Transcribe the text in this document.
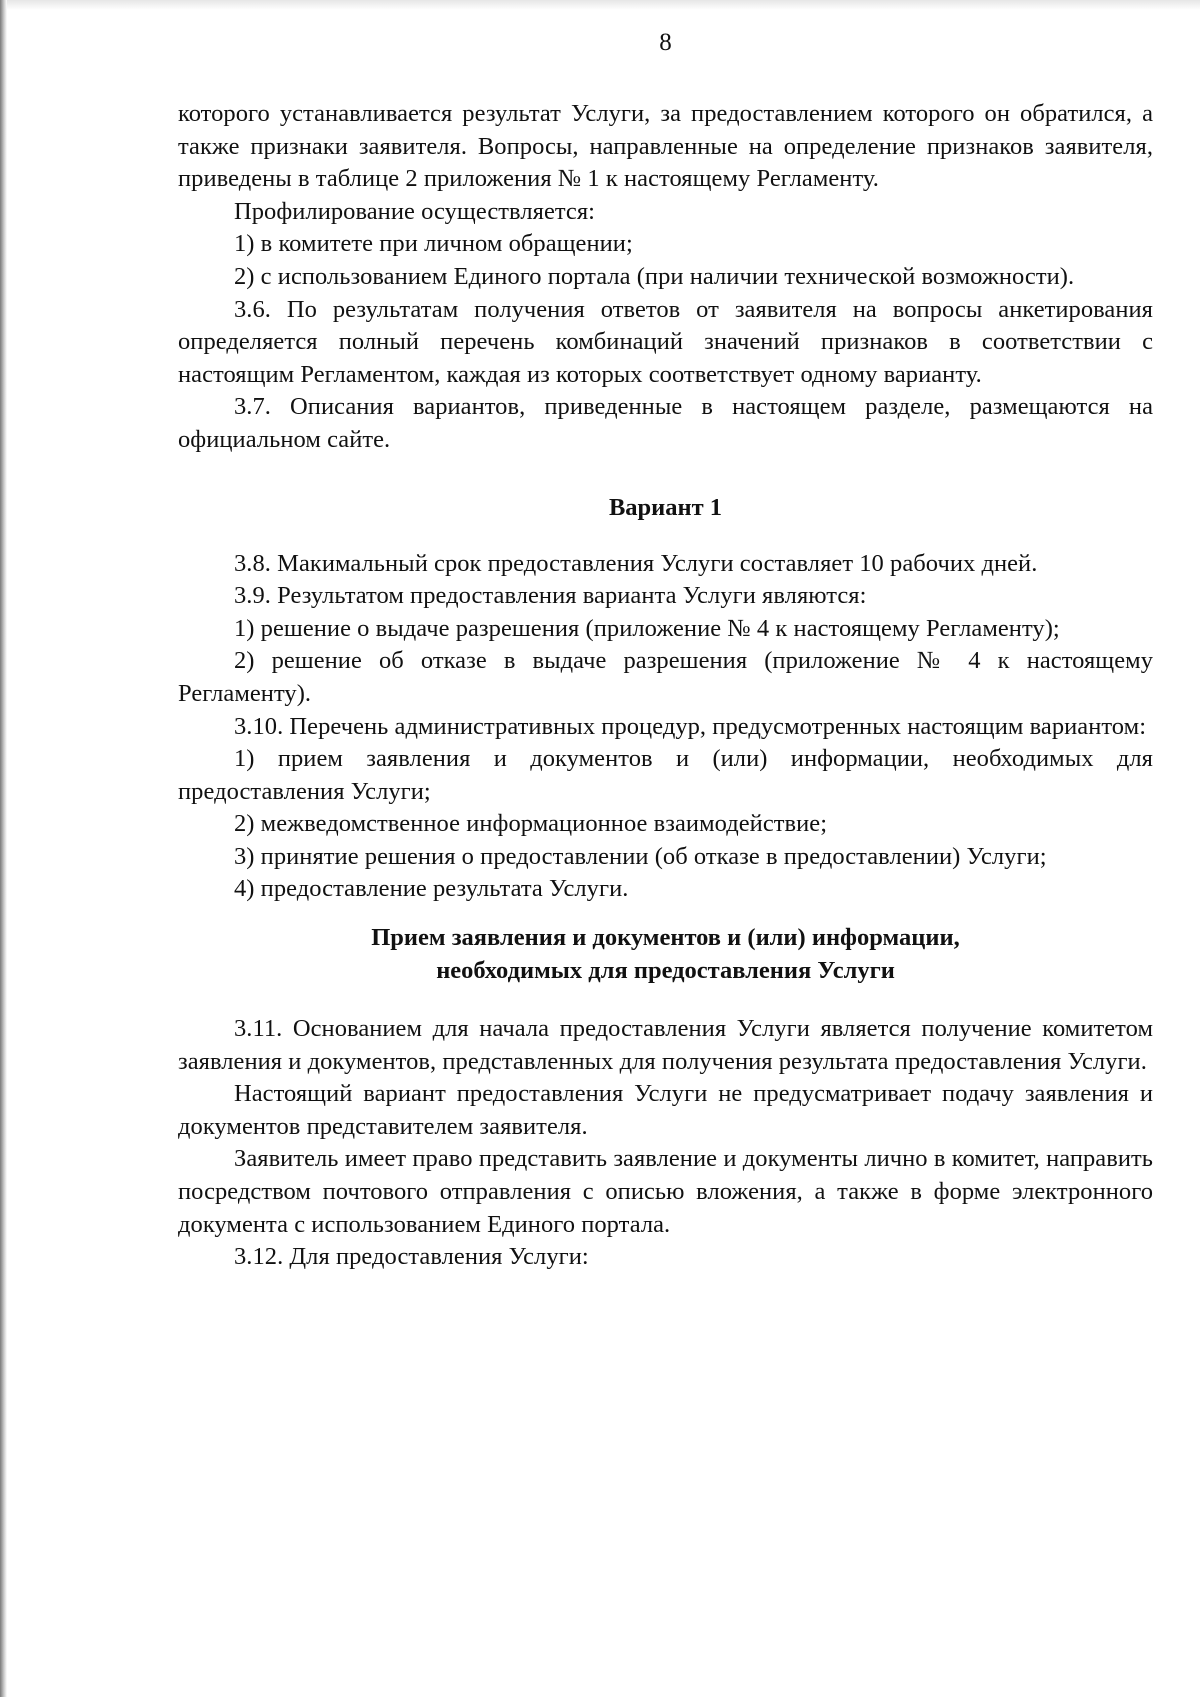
8

которого устанавливается результат Услуги, за предоставлением которого он обратился, а также признаки заявителя. Вопросы, направленные на определение признаков заявителя, приведены в таблице 2 приложения № 1 к настоящему Регламенту.

Профилирование осуществляется:

1) в комитете при личном обращении;

2) с использованием Единого портала (при наличии технической возможности).

3.6. По результатам получения ответов от заявителя на вопросы анкетирования определяется полный перечень комбинаций значений признаков в соответствии с настоящим Регламентом, каждая из которых соответствует одному варианту.

3.7. Описания вариантов, приведенные в настоящем разделе, размещаются на официальном сайте.

Вариант 1

3.8. Макимальный срок предоставления Услуги составляет 10 рабочих дней.

3.9. Результатом предоставления варианта Услуги являются:

1) решение о выдаче разрешения (приложение № 4 к настоящему Регламенту);

2) решение об отказе в выдаче разрешения (приложение № 4 к настоящему Регламенту).

3.10. Перечень административных процедур, предусмотренных настоящим вариантом:

1) прием заявления и документов и (или) информации, необходимых для предоставления Услуги;

2) межведомственное информационное взаимодействие;

3) принятие решения о предоставлении (об отказе в предоставлении) Услуги;

4) предоставление результата Услуги.

Прием заявления и документов и (или) информации,

необходимых для предоставления Услуги

3.11. Основанием для начала предоставления Услуги является получение комитетом заявления и документов, представленных для получения результата предоставления Услуги.

Настоящий вариант предоставления Услуги не предусматривает подачу заявления и документов представителем заявителя.

Заявитель имеет право представить заявление и документы лично в комитет, направить посредством почтового отправления с описью вложения, а также в форме электронного документа с использованием Единого портала.

3.12. Для предоставления Услуги:
